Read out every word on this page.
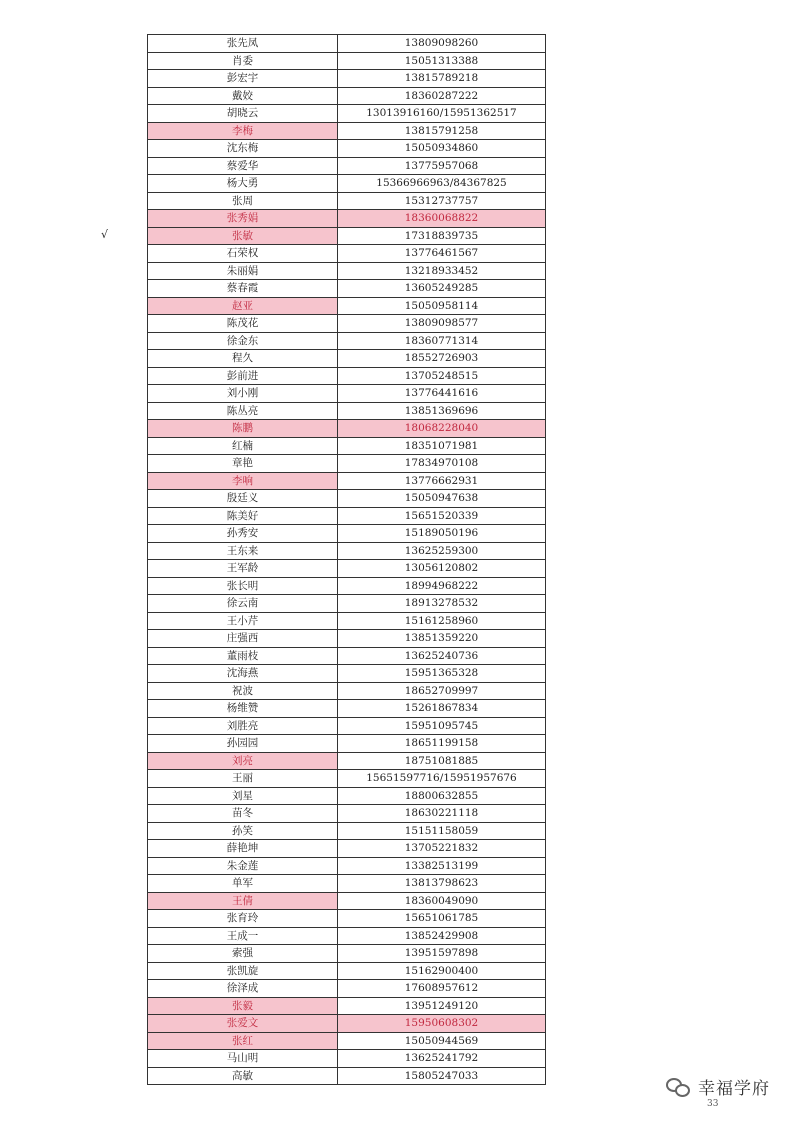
√
张先凤	13809098260
肖委	15051313388
彭宏宇	13815789218
戴姣	18360287222
胡晓云	13013916160/15951362517
李梅	13815791258
沈东梅	15050934860
蔡爱华	13775957068
杨大勇	15366966963/84367825
张周	15312737757
张秀娟	18360068822
张敏	17318839735
石荣权	13776461567
朱丽娟	13218933452
蔡春霞	13605249285
赵亚	15050958114
陈茂花	13809098577
徐金东	18360771314
程久	18552726903
彭前进	13705248515
刘小刚	13776441616
陈丛亮	13851369696
陈鹏	18068228040
红楠	18351071981
章艳	17834970108
李响	13776662931
殷廷义	15050947638
陈美好	15651520339
孙秀安	15189050196
王东来	13625259300
王军龄	13056120802
张长明	18994968222
徐云南	18913278532
王小芹	15161258960
庄强西	13851359220
董雨枝	13625240736
沈海燕	15951365328
祝波	18652709997
杨维赞	15261867834
刘胜亮	15951095745
孙园园	18651199158
刘亮	18751081885
王丽	15651597716/15951957676
刘星	18800632855
苗冬	18630221118
孙笑	15151158059
薛艳坤	13705221832
朱金莲	13382513199
单军	13813798623
王倩	18360049090
张育玲	15651061785
王成一	13852429908
索强	13951597898
张凯旋	15162900400
徐泽成	17608957612
张毅	13951249120
张爱文	15950608302
张红	15050944569
马山明	13625241792
高敏	15805247033
幸福学府
33
